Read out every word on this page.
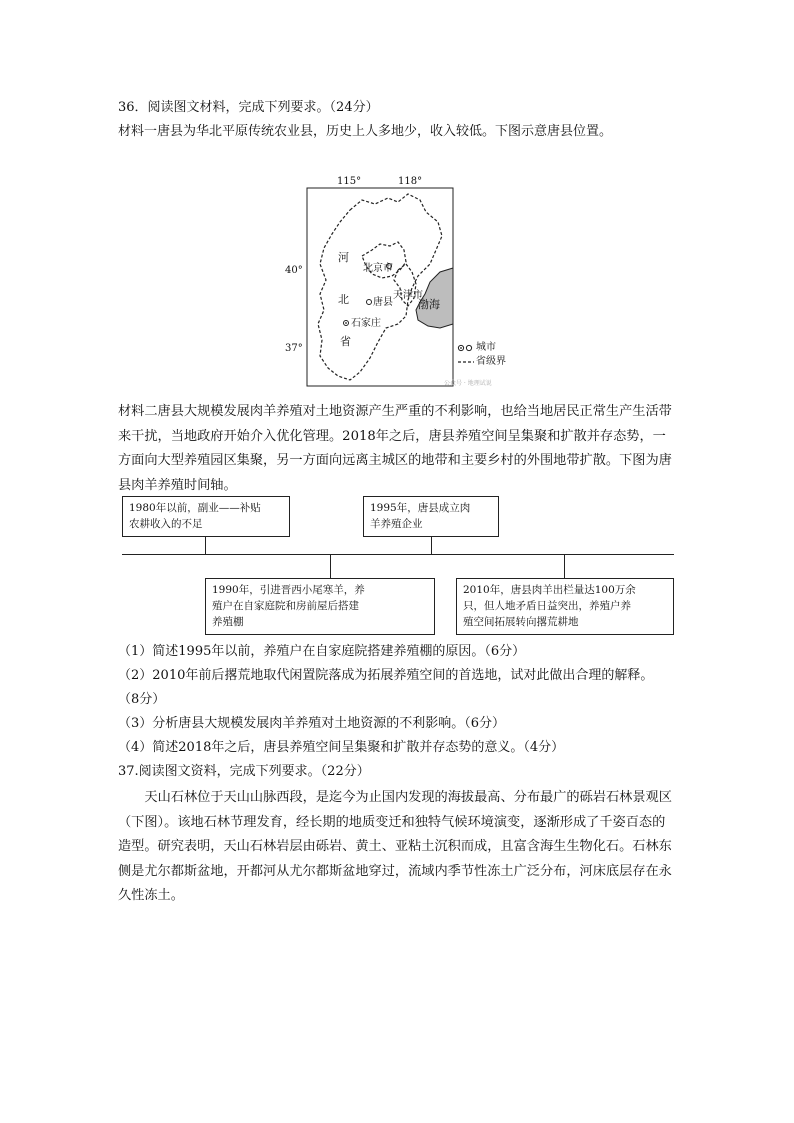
36．阅读图文材料，完成下列要求。（24分）
材料一唐县为华北平原传统农业县，历史上人多地少，收入较低。下图示意唐县位置。
115°	118°
40°
37°
河
北
省
北京市
天津市
唐县
石家庄
渤海
城市
省级界
公众号 · 地理试说
材料二唐县大规模发展肉羊养殖对土地资源产生严重的不利影响，也给当地居民正常生产生活带来干扰，当地政府开始介入优化管理。2018年之后，唐县养殖空间呈集聚和扩散并存态势，一方面向大型养殖园区集聚，另一方面向远离主城区的地带和主要乡村的外围地带扩散。下图为唐县肉羊养殖时间轴。
1980年以前，副业——补贴
农耕收入的不足
1995年，唐县成立肉
羊养殖企业
1990年，引进晋西小尾寒羊，养
殖户在自家庭院和房前屋后搭建
养殖棚
2010年，唐县肉羊出栏量达100万余
只，但人地矛盾日益突出，养殖户养
殖空间拓展转向撂荒耕地
（1）简述1995年以前，养殖户在自家庭院搭建养殖棚的原因。（6分）
（2）2010年前后撂荒地取代闲置院落成为拓展养殖空间的首选地，试对此做出合理的解释。
（8分）
（3）分析唐县大规模发展肉羊养殖对土地资源的不利影响。（6分）
（4）简述2018年之后，唐县养殖空间呈集聚和扩散并存态势的意义。（4分）
37.阅读图文资料，完成下列要求。（22分）
天山石林位于天山山脉西段，是迄今为止国内发现的海拔最高、分布最广的砾岩石林景观区（下图）。该地石林节理发育，经长期的地质变迁和独特气候环境演变，逐渐形成了千姿百态的造型。研究表明，天山石林岩层由砾岩、黄土、亚粘土沉积而成，且富含海生生物化石。石林东侧是尤尔都斯盆地，开都河从尤尔都斯盆地穿过，流域内季节性冻土广泛分布，河床底层存在永久性冻土。
